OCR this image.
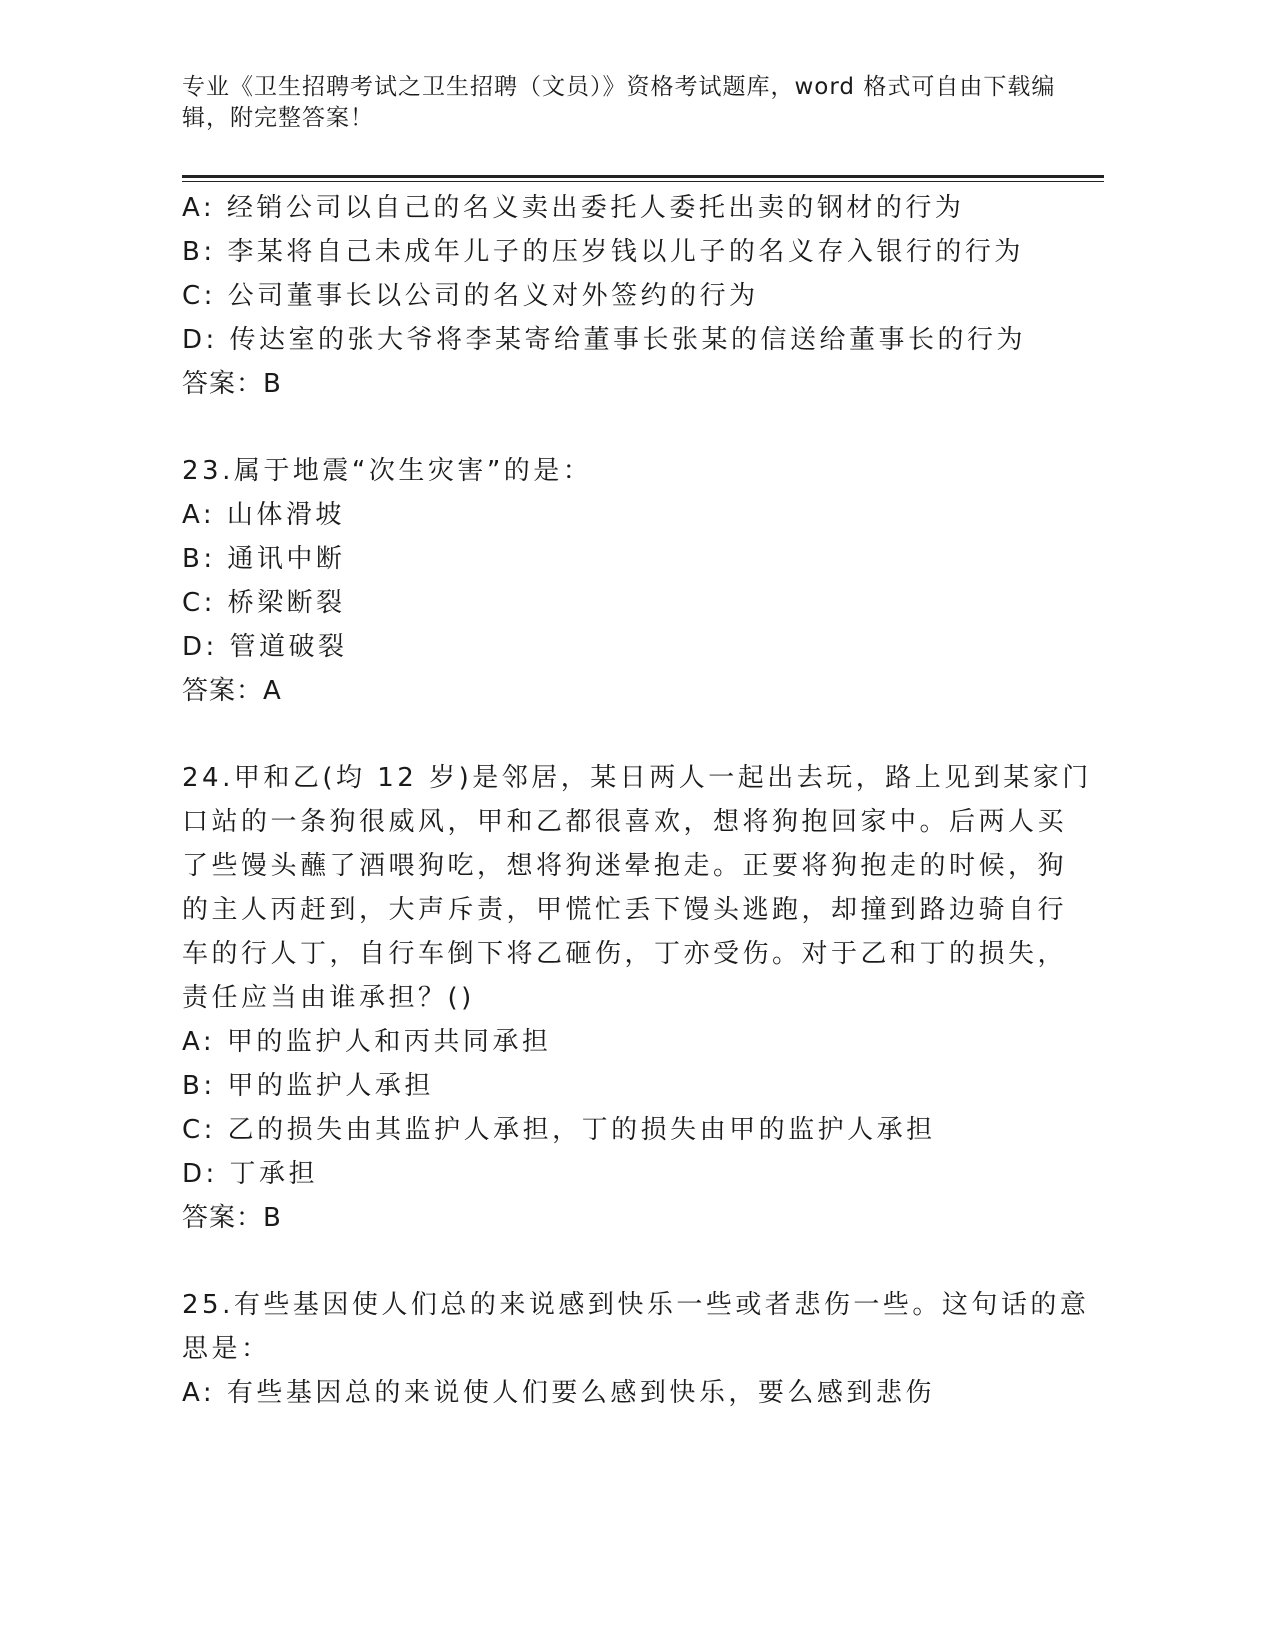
专业《卫生招聘考试之卫生招聘（文员）》资格考试题库，word 格式可自由下载编辑，附完整答案！
A: 经销公司以自己的名义卖出委托人委托出卖的钢材的行为
B: 李某将自己未成年儿子的压岁钱以儿子的名义存入银行的行为
C: 公司董事长以公司的名义对外签约的行为
D: 传达室的张大爷将李某寄给董事长张某的信送给董事长的行为
答案：B
23.属于地震“次生灾害”的是：
A: 山体滑坡
B: 通讯中断
C: 桥梁断裂
D: 管道破裂
答案：A
24.甲和乙(均 12 岁)是邻居，某日两人一起出去玩，路上见到某家门
口站的一条狗很威风，甲和乙都很喜欢，想将狗抱回家中。后两人买
了些馒头蘸了酒喂狗吃，想将狗迷晕抱走。正要将狗抱走的时候，狗
的主人丙赶到，大声斥责，甲慌忙丢下馒头逃跑，却撞到路边骑自行
车的行人丁，自行车倒下将乙砸伤，丁亦受伤。对于乙和丁的损失，
责任应当由谁承担？()
A: 甲的监护人和丙共同承担
B: 甲的监护人承担
C: 乙的损失由其监护人承担，丁的损失由甲的监护人承担
D: 丁承担
答案：B
25.有些基因使人们总的来说感到快乐一些或者悲伤一些。这句话的意
思是：
A: 有些基因总的来说使人们要么感到快乐，要么感到悲伤
